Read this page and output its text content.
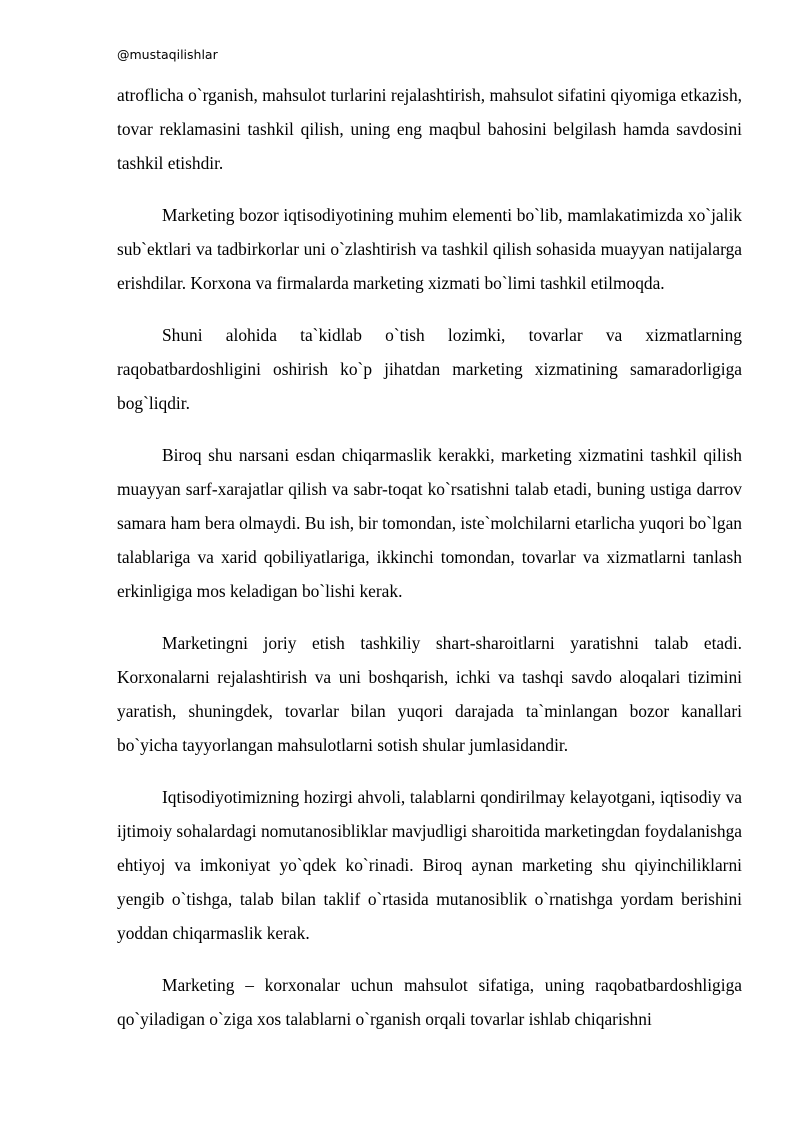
@mustaqilishlar

atroflicha o`rganish, mahsulot turlarini rejalashtirish, mahsulot sifatini qiyomiga etkazish, tovar reklamasini tashkil qilish, uning eng maqbul bahosini belgilash hamda savdosini tashkil etishdir.

Marketing bozor iqtisodiyotining muhim elementi bo`lib, mamlakatimizda xo`jalik sub`ektlari va tadbirkorlar uni o`zlashtirish va tashkil qilish sohasida muayyan natijalarga erishdilar. Korxona va firmalarda marketing xizmati bo`limi tashkil etilmoqda.

Shuni alohida ta`kidlab o`tish lozimki, tovarlar va xizmatlarning raqobatbardoshligini oshirish ko`p jihatdan marketing xizmatining samaradorligiga bog`liqdir.

Biroq shu narsani esdan chiqarmaslik kerakki, marketing xizmatini tashkil qilish muayyan sarf-xarajatlar qilish va sabr-toqat ko`rsatishni talab etadi, buning ustiga darrov samara ham bera olmaydi. Bu ish, bir tomondan, iste`molchilarni etarlicha yuqori bo`lgan talablariga va xarid qobiliyatlariga, ikkinchi tomondan, tovarlar va xizmatlarni tanlash erkinligiga mos keladigan bo`lishi kerak.

Marketingni joriy etish tashkiliy shart-sharoitlarni yaratishni talab etadi. Korxonalarni rejalashtirish va uni boshqarish, ichki va tashqi savdo aloqalari tizimini yaratish, shuningdek, tovarlar bilan yuqori darajada ta`minlangan bozor kanallari bo`yicha tayyorlangan mahsulotlarni sotish shular jumlasidandir.

Iqtisodiyotimizning hozirgi ahvoli, talablarni qondirilmay kelayotgani, iqtisodiy va ijtimoiy sohalardagi nomutanosibliklar mavjudligi sharoitida marketingdan foydalanishga ehtiyoj va imkoniyat yo`qdek ko`rinadi. Biroq aynan marketing shu qiyinchiliklarni yengib o`tishga, talab bilan taklif o`rtasida mutanosiblik o`rnatishga yordam berishini yoddan chiqarmaslik kerak.

Marketing – korxonalar uchun mahsulot sifatiga, uning raqobatbardoshligiga qo`yiladigan o`ziga xos talablarni o`rganish orqali tovarlar ishlab chiqarishni
